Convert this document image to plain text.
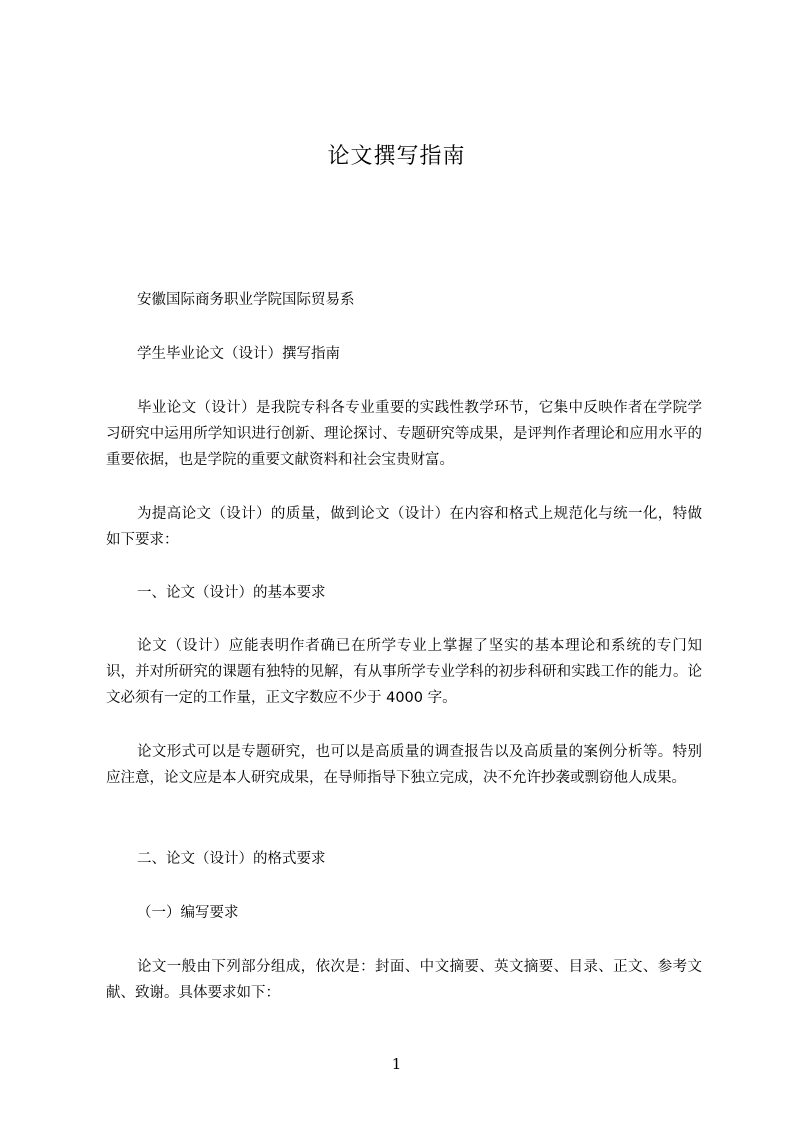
论文撰写指南

安徽国际商务职业学院国际贸易系

学生毕业论文（设计）撰写指南

毕业论文（设计）是我院专科各专业重要的实践性教学环节，它集中反映作者在学院学习研究中运用所学知识进行创新、理论探讨、专题研究等成果，是评判作者理论和应用水平的重要依据，也是学院的重要文献资料和社会宝贵财富。

为提高论文（设计）的质量，做到论文（设计）在内容和格式上规范化与统一化，特做如下要求：

一、论文（设计）的基本要求

论文（设计）应能表明作者确已在所学专业上掌握了坚实的基本理论和系统的专门知识，并对所研究的课题有独特的见解，有从事所学专业学科的初步科研和实践工作的能力。论文必须有一定的工作量，正文字数应不少于 4000 字。

论文形式可以是专题研究，也可以是高质量的调查报告以及高质量的案例分析等。特别应注意，论文应是本人研究成果，在导师指导下独立完成，决不允许抄袭或剽窃他人成果。

二、论文（设计）的格式要求

（一）编写要求

论文一般由下列部分组成，依次是：封面、中文摘要、英文摘要、目录、正文、参考文献、致谢。具体要求如下：

1
